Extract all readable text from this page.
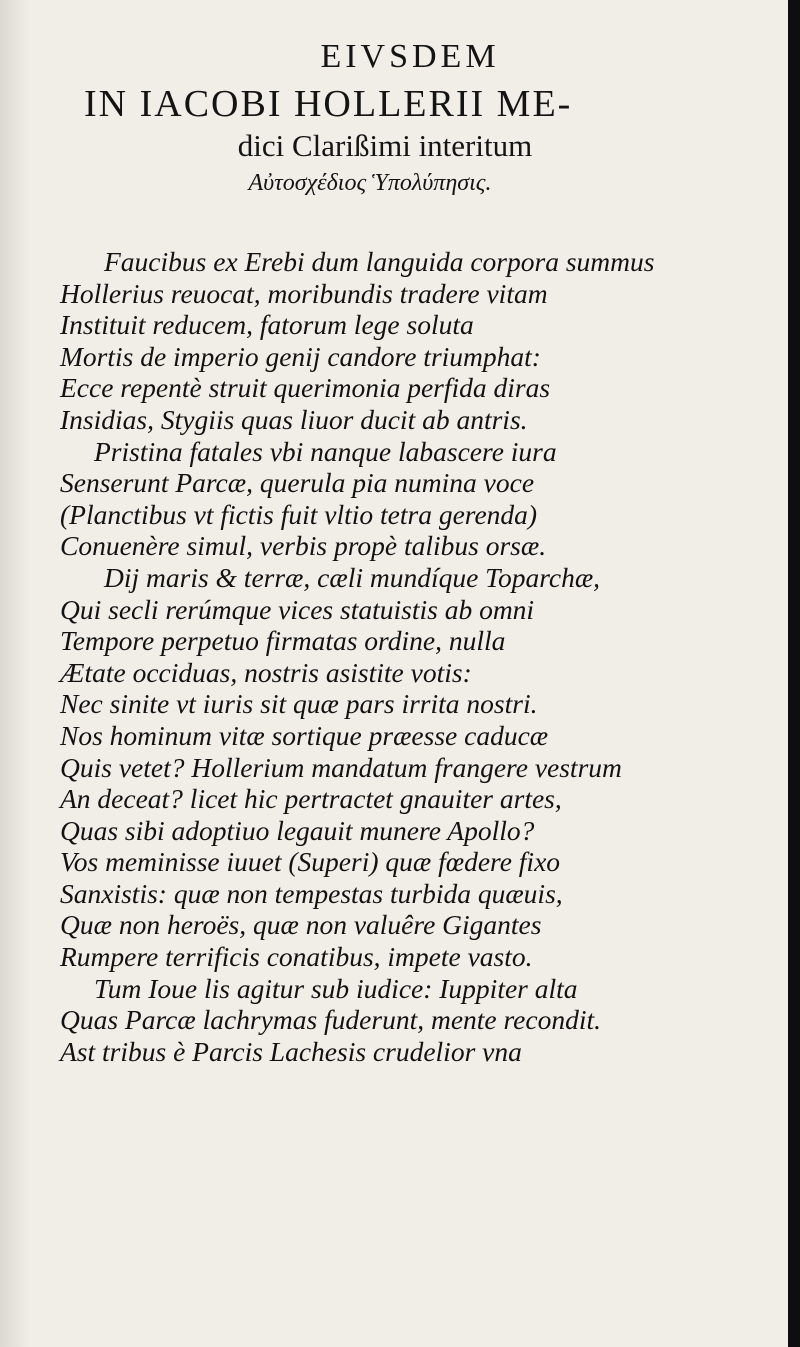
EIVSDEM
IN IACOBI HOLLERII ME-
dici Clarißimi interitum
Αὐτοσχέδιος Ὑπολύπησις.
Faucibus ex Erebi dum languida corpora summus
Hollerius reuocat, moribundis tradere vitam
Instituit reducem, fatorum lege soluta
Mortis de imperio genij candore triumphat:
Ecce repentè struit querimonia perfida diras
Insidias, Stygiis quas liuor ducit ab antris.
Pristina fatales vbi nanque labascere iura
Senserunt Parcæ, querula pia numina voce
(Planctibus vt fictis fuit vltio tetra gerenda)
Conuenère simul, verbis propè talibus orsæ.
Dij maris & terræ, cæli mundíque Toparchæ,
Qui secli rerúmque vices statuistis ab omni
Tempore perpetuo firmatas ordine, nulla
Ætate occiduas, nostris asistite votis:
Nec sinite vt iuris sit quæ pars irrita nostri.
Nos hominum vitæ sortique præesse caducæ
Quis vetet? Hollerium mandatum frangere vestrum
An deceat? licet hic pertractet gnauiter artes,
Quas sibi adoptiuo legauit munere Apollo?
Vos meminisse iuuet (Superi) quæ fœdere fixo
Sanxistis: quæ non tempestas turbida quæuis,
Quæ non heroës, quæ non valuêre Gigantes
Rumpere terrificis conatibus, impete vasto.
Tum Ioue lis agitur sub iudice: Iuppiter alta
Quas Parcæ lachrymas fuderunt, mente recondit.
Ast tribus è Parcis Lachesis crudelior vna
